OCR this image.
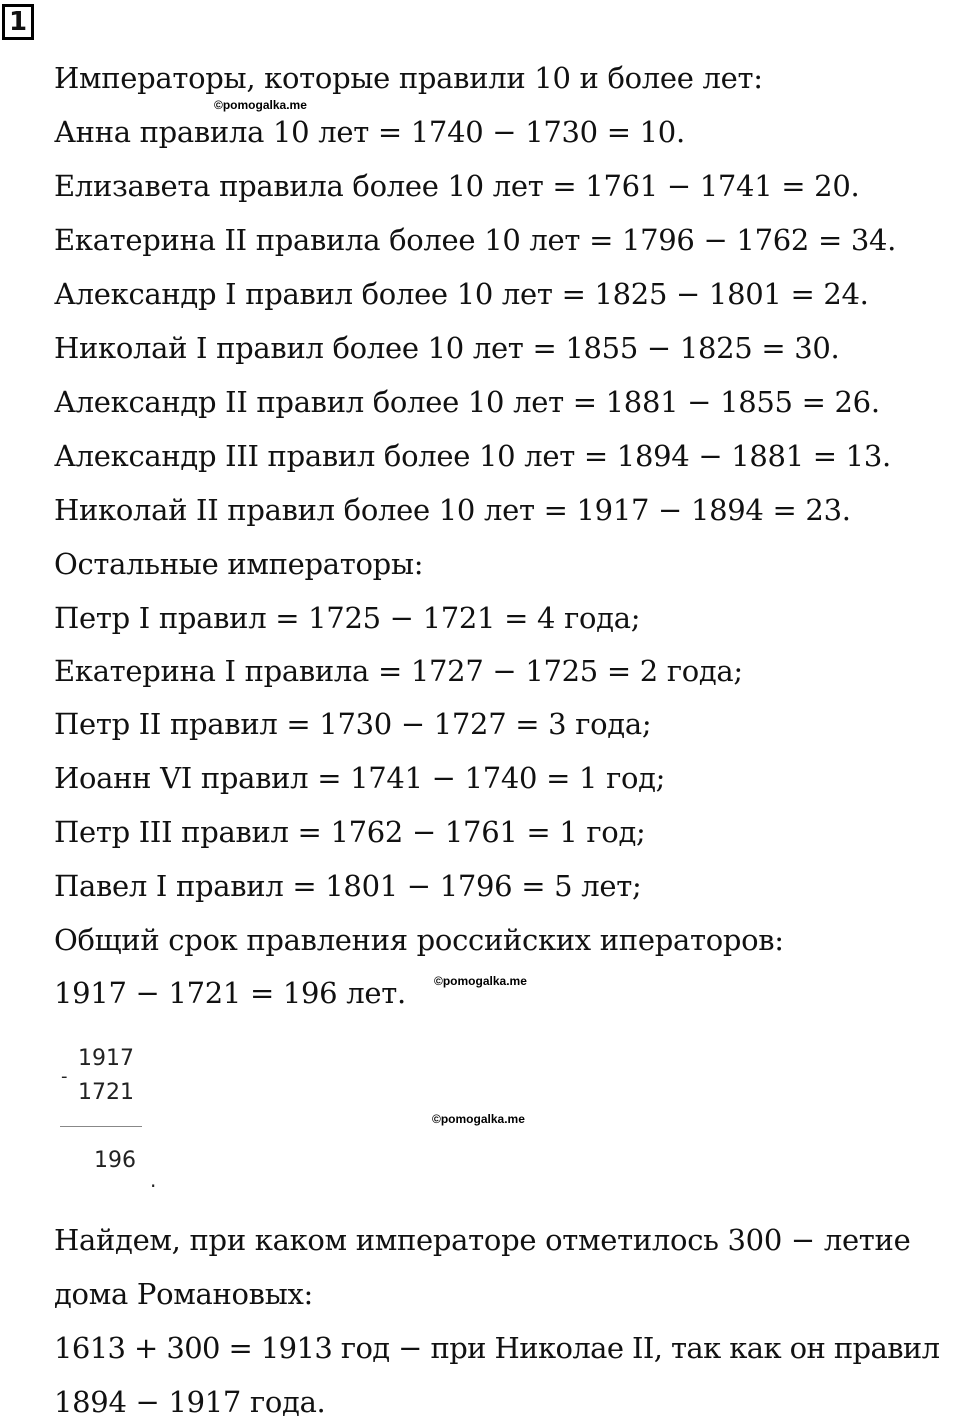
1
Императоры, которые правили 10 и более лет:
©pomogalka.me
Анна правила 10 лет = 1740 − 1730 = 10.
Елизавета правила более 10 лет = 1761 − 1741 = 20.
Екатерина II правила более 10 лет = 1796 − 1762 = 34.
Александр I правил более 10 лет = 1825 − 1801 = 24.
Николай I правил более 10 лет = 1855 − 1825 = 30.
Александр II правил более 10 лет = 1881 − 1855 = 26.
Александр III правил более 10 лет = 1894 − 1881 = 13.
Николай II правил более 10 лет = 1917 − 1894 = 23.
Остальные императоры:
Петр I правил = 1725 − 1721 = 4 года;
Екатерина I правила = 1727 − 1725 = 2 года;
Петр II правил = 1730 − 1727 = 3 года;
Иоанн VI правил = 1741 − 1740 = 1 год;
Петр III правил = 1762 − 1761 = 1 год;
Павел I правил = 1801 − 1796 = 5 лет;
Общий срок правления российских иператоров:
1917 − 1721 = 196 лет. ©pomogalka.me
-
1917
1721
196
.
©pomogalka.me
Найдем, при каком императоре отметилось 300 − летие
дома Романовых:
1613 + 300 = 1913 год − при Николае II, так как он правил
1894 − 1917 года.
